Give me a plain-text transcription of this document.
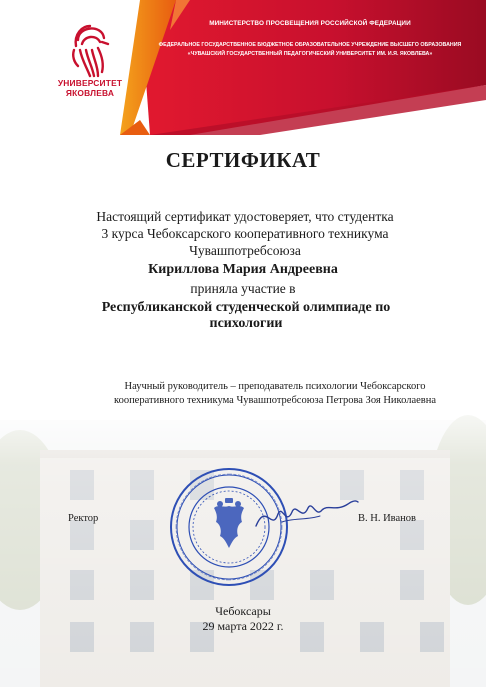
МИНИСТЕРСТВО ПРОСВЕЩЕНИЯ РОССИЙСКОЙ ФЕДЕРАЦИИ
ФЕДЕРАЛЬНОЕ ГОСУДАРСТВЕННОЕ БЮДЖЕТНОЕ ОБРАЗОВАТЕЛЬНОЕ УЧРЕЖДЕНИЕ ВЫСШЕГО ОБРАЗОВАНИЯ
«ЧУВАШСКИЙ ГОСУДАРСТВЕННЫЙ ПЕДАГОГИЧЕСКИЙ УНИВЕРСИТЕТ ИМ. И.Я. ЯКОВЛЕВА»
УНИВЕРСИТЕТ
ЯКОВЛЕВА
СЕРТИФИКАТ
Настоящий сертификат удостоверяет, что студентка 3 курса Чебоксарского кооперативного техникума Чувашпотребсоюза
Кириллова Мария Андреевна
приняла участие в
Республиканской студенческой олимпиаде по психологии
Научный руководитель – преподаватель психологии Чебоксарского кооперативного техникума Чувашпотребсоюза Петрова Зоя Николаевна
Ректор	В. Н. Иванов
Чебоксары
29 марта 2022 г.
